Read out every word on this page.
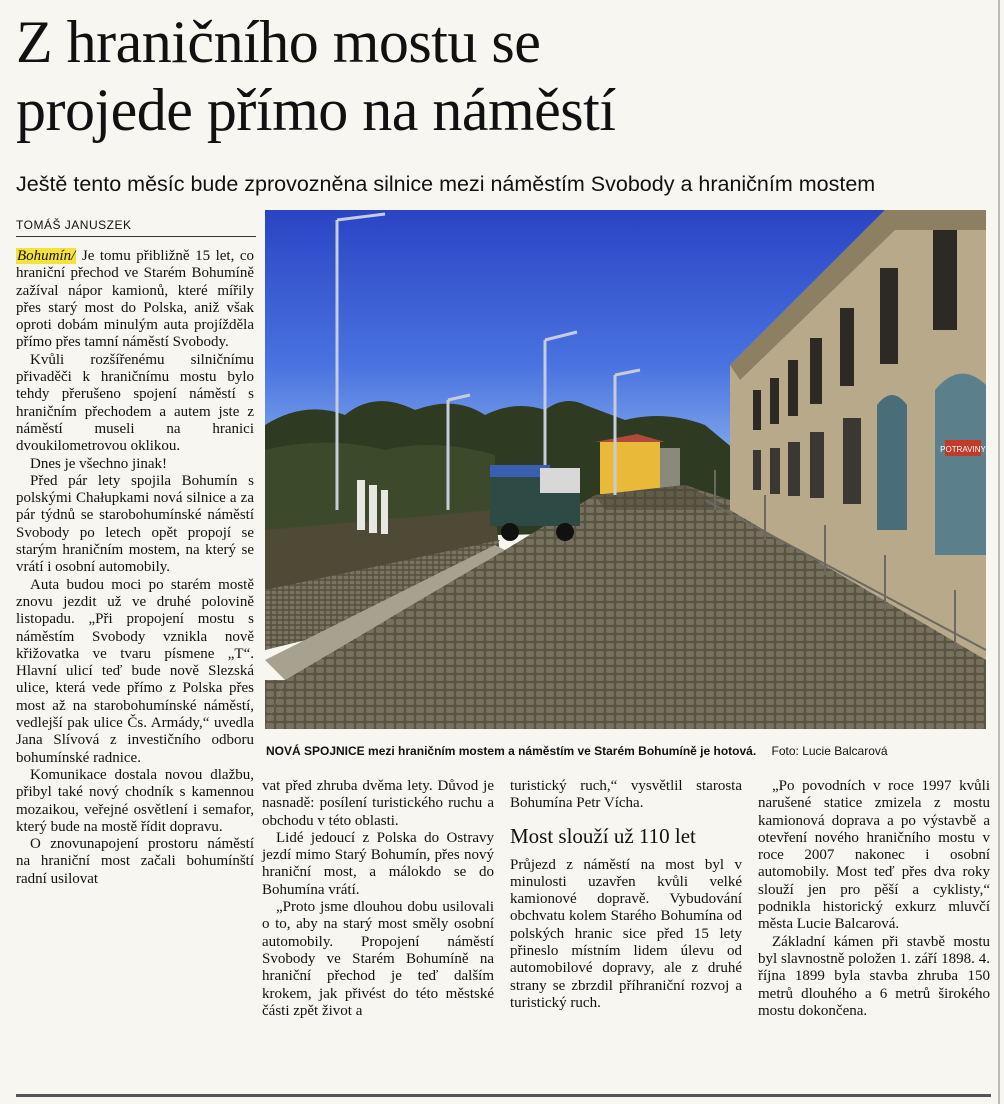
Z hraničního mostu se
projede přímo na náměstí
Ještě tento měsíc bude zprovozněna silnice mezi náměstím Svobody a hraničním mostem
TOMÁŠ JANUSZEK

Bohumín/ Je tomu přibližně 15 let, co hraniční přechod ve Starém Bohumíně zažíval nápor kamionů, které mířily přes starý most do Polska, aniž však oproti dobám minulým auta projížděla přímo přes tamní náměstí Svobody.

Kvůli rozšířenému silničnímu přivaděči k hraničnímu mostu bylo tehdy přerušeno spojení náměstí s hraničním přechodem a autem jste z náměstí museli na hranici dvoukilometrovou oklikou.

Dnes je všechno jinak!

Před pár lety spojila Bohumín s polskými Chałupkami nová silnice a za pár týdnů se starobohumínské náměstí Svobody po letech opět propojí se starým hraničním mostem, na který se vrátí i osobní automobily.

Auta budou moci po starém mostě znovu jezdit už ve druhé polovině listopadu. „Při propojení mostu s náměstím Svobody vznikla nově křižovatka ve tvaru písmene „T“. Hlavní ulicí teď bude nově Slezská ulice, která vede přímo z Polska přes most až na starobohumínské náměstí, vedlejší pak ulice Čs. Armády,“ uvedla Jana Slívová z investičního odboru bohumínské radnice.

Komunikace dostala novou dlažbu, přibyl také nový chodník s kamennou mozaikou, veřejné osvětlení i semafor, který bude na mostě řídit dopravu.

O znovunapojení prostoru náměstí na hraniční most začali bohumínští radní usilovat

POTRAVINY
NOVÁ SPOJNICE mezi hraničním mostem a náměstím ve Starém Bohumíně je hotová. Foto: Lucie Balcarová

vat před zhruba dvěma lety. Důvod je nasnadě: posílení turistického ruchu a obchodu v této oblasti.

Lidé jedoucí z Polska do Ostravy jezdí mimo Starý Bohumín, přes nový hraniční most, a málokdo se do Bohumína vrátí.

„Proto jsme dlouhou dobu usilovali o to, aby na starý most směly osobní automobily. Propojení náměstí Svobody ve Starém Bohumíně na hraniční přechod je teď dalším krokem, jak přivést do této městské části zpět život a

turistický ruch,“ vysvětlil starosta Bohumína Petr Vícha.

Most slouží už 110 let

Průjezd z náměstí na most byl v minulosti uzavřen kvůli velké kamionové dopravě. Vybudování obchvatu kolem Starého Bohumína od polských hranic sice před 15 lety přineslo místním lidem úlevu od automobilové dopravy, ale z druhé strany se zbrzdil příhraniční rozvoj a turistický ruch.

„Po povodních v roce 1997 kvůli narušené statice zmizela z mostu kamionová doprava a po výstavbě a otevření nového hraničního mostu v roce 2007 nakonec i osobní automobily. Most teď přes dva roky slouží jen pro pěší a cyklisty,“ podnikla historický exkurz mluvčí města Lucie Balcarová.

Základní kámen při stavbě mostu byl slavnostně položen 1. září 1898. 4. října 1899 byla stavba zhruba 150 metrů dlouhého a 6 metrů širokého mostu dokončena.
